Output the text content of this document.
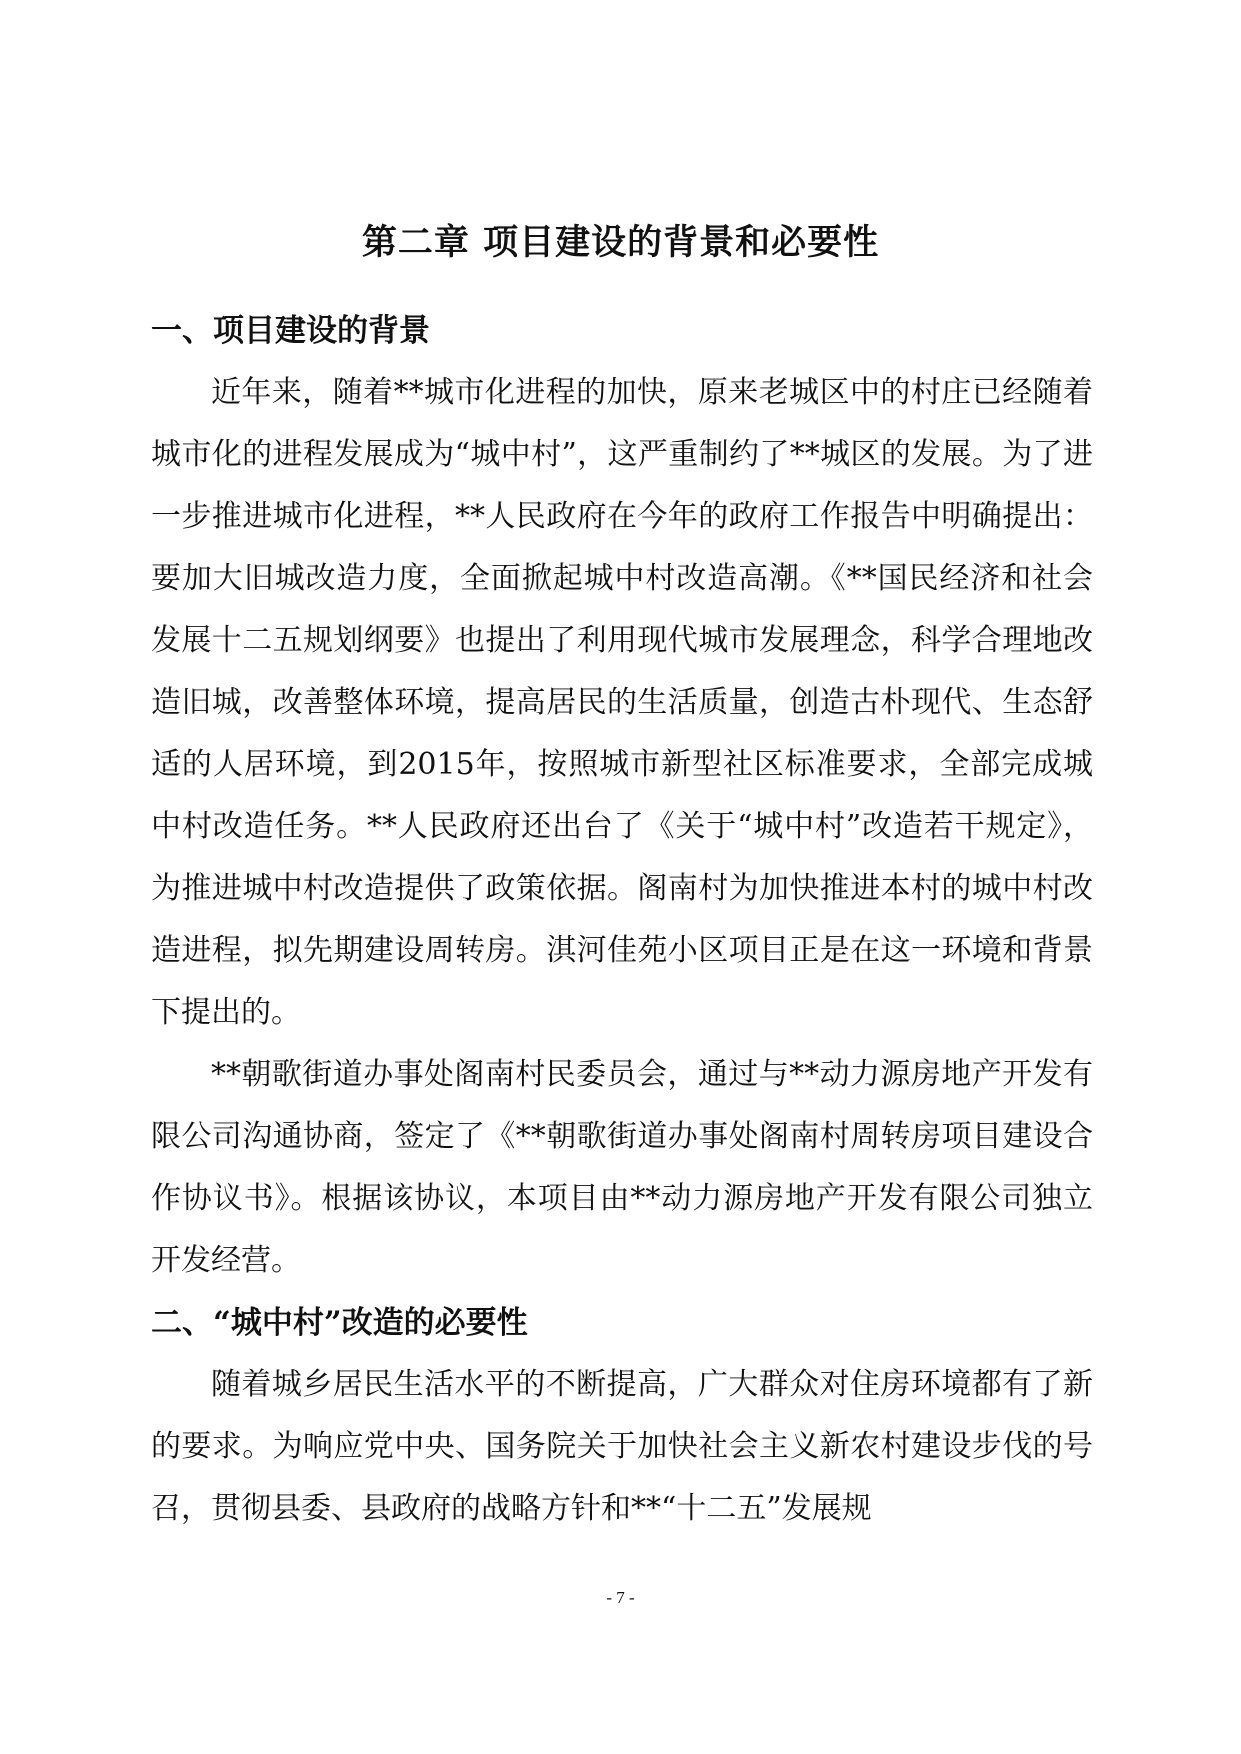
第二章 项目建设的背景和必要性
一、项目建设的背景

近年来，随着**城市化进程的加快，原来老城区中的村庄已经随着城市化的进程发展成为“城中村”，这严重制约了**城区的发展。为了进一步推进城市化进程，**人民政府在今年的政府工作报告中明确提出：要加大旧城改造力度，全面掀起城中村改造高潮。《**国民经济和社会发展十二五规划纲要》也提出了利用现代城市发展理念，科学合理地改造旧城，改善整体环境，提高居民的生活质量，创造古朴现代、生态舒适的人居环境，到2015年，按照城市新型社区标准要求，全部完成城中村改造任务。**人民政府还出台了《关于“城中村”改造若干规定》，为推进城中村改造提供了政策依据。阁南村为加快推进本村的城中村改造进程，拟先期建设周转房。淇河佳苑小区项目正是在这一环境和背景下提出的。

**朝歌街道办事处阁南村民委员会，通过与**动力源房地产开发有限公司沟通协商，签定了《**朝歌街道办事处阁南村周转房项目建设合作协议书》。根据该协议，本项目由**动力源房地产开发有限公司独立开发经营。

二、“城中村”改造的必要性

随着城乡居民生活水平的不断提高，广大群众对住房环境都有了新的要求。为响应党中央、国务院关于加快社会主义新农村建设步伐的号召，贯彻县委、县政府的战略方针和**“十二五”发展规

- 7 -
